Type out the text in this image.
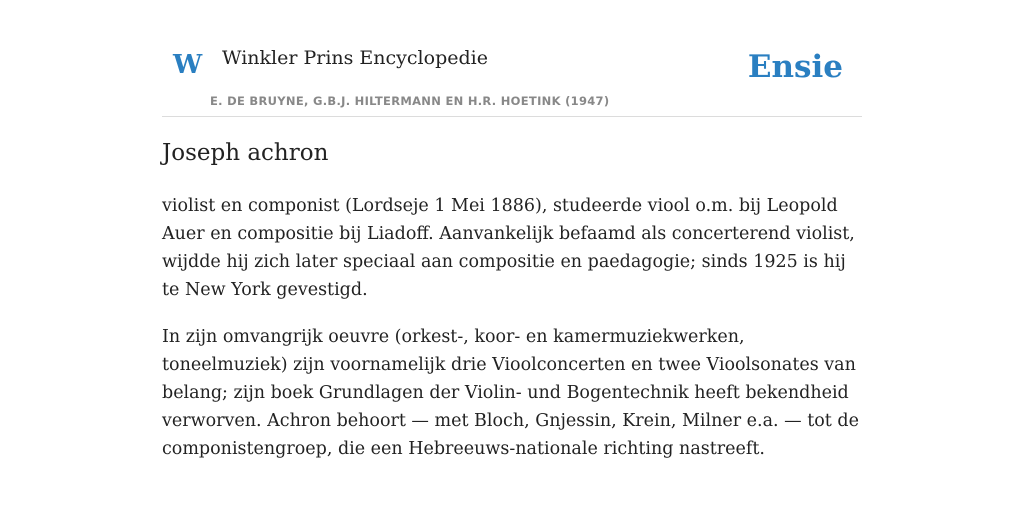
W Winkler Prins Encyclopedie
E. DE BRUYNE, G.B.J. HILTERMANN EN H.R. HOETINK (1947)
Ensie
Joseph achron

violist en componist (Lordseje 1 Mei 1886), studeerde viool o.m. bij Leopold Auer en compositie bij Liadoff. Aanvankelijk befaamd als concerterend violist, wijdde hij zich later speciaal aan compositie en paedagogie; sinds 1925 is hij te New York gevestigd.

In zijn omvangrijk oeuvre (orkest-, koor- en kamermuziekwerken, toneelmuziek) zijn voornamelijk drie Vioolconcerten en twee Vioolsonates van belang; zijn boek Grundlagen der Violin- und Bogentechnik heeft bekendheid verworven. Achron behoort — met Bloch, Gnjessin, Krein, Milner e.a. — tot de componistengroep, die een Hebreeuws-nationale richting nastreeft.
